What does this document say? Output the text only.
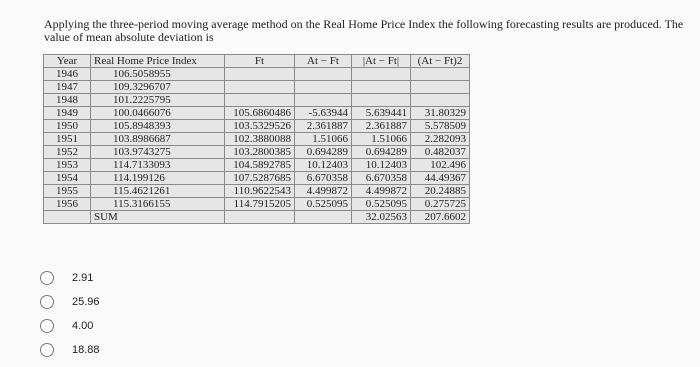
Applying the three-period moving average method on the Real Home Price Index the following forecasting results are produced. The value of mean absolute deviation is
Year	Real Home Price Index	Ft	At − Ft	|At − Ft|	(At − Ft)2
1946	106.5058955				
1947	109.3296707				
1948	101.2225795				
1949	100.0466076	105.6860486	-5.63944	5.639441	31.80329
1950	105.8948393	103.5329526	2.361887	2.361887	5.578509
1951	103.8986687	102.3880088	1.51066	1.51066	2.282093
1952	103.9743275	103.2800385	0.694289	0.694289	0.482037
1953	114.7133093	104.5892785	10.12403	10.12403	102.496
1954	114.199126	107.5287685	6.670358	6.670358	44.49367
1955	115.4621261	110.9622543	4.499872	4.499872	20.24885
1956	115.3166155	114.7915205	0.525095	0.525095	0.275725
	SUM			32.02563	207.6602
2.91
25.96
4.00
18.88
